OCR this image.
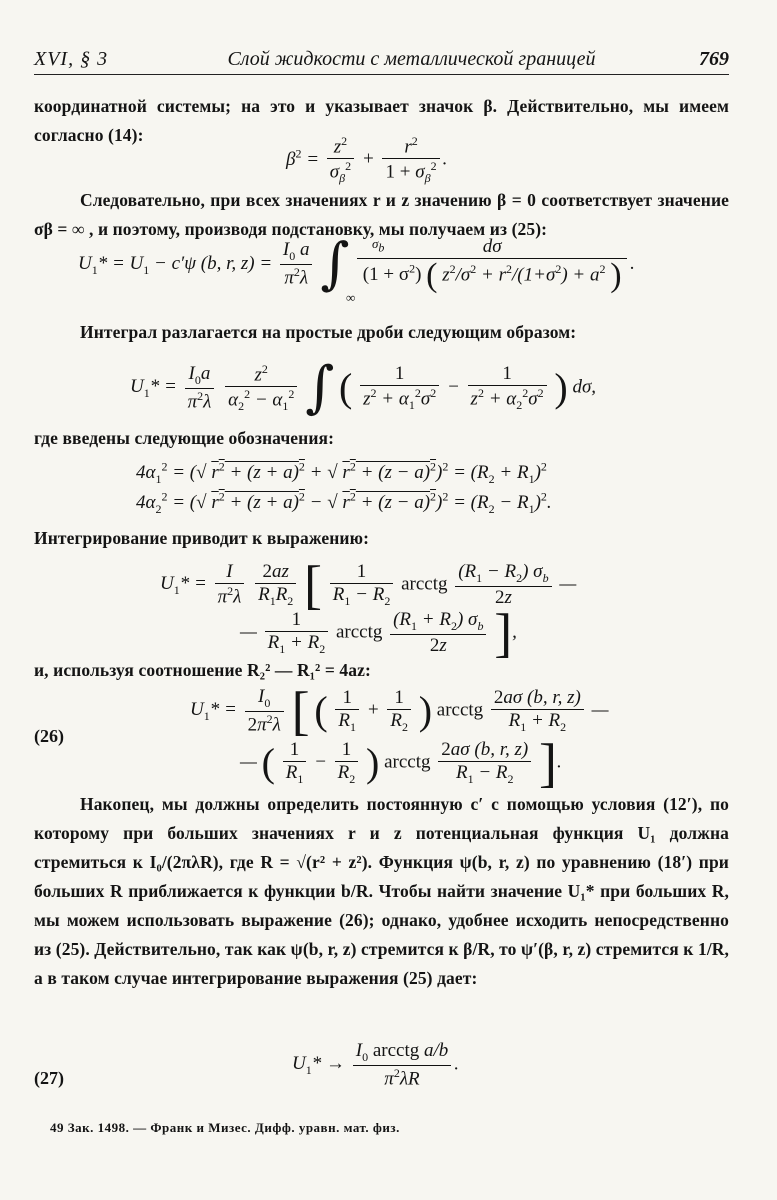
XVI, § 3	Слой жидкости с металлической границей	769
координатной системы; на это и указывает значок β. Действительно, мы имеем согласно (14):
$\beta^2 = \frac{z^2}{\sigma_\beta^2} + \frac{r^2}{1 + \sigma_\beta^2}$ .
Следовательно, при всех значениях r и z значению β = 0 соответствует значение σβ = ∞ , и поэтому, производя подстановку, мы получаем из (25):
$U_1* = U_1 - c'\psi$ (b, r, $z) = \frac{I_0 a}{\pi^2\lambda}$ ∫ $\frac{d\sigma}{(1 + \sigma^2) ( z^2/\sigma^2 + r^2/(1+\sigma^2) + a^2 )}$ .
$\sigma_b$
∞
Интеграл разлагается на простые дроби следующим образом:
$U_1* = \frac{I_0a}{\pi^2\lambda}$
$\frac{z^2}{\alpha_2^2 - \alpha_1^2}$ ∫ ( $\frac{1}{z^2 + \alpha_1^2\sigma^2} - \frac{1}{z^2 + \alpha_2^2\sigma^2}$ ) dσ,
где введены следующие обозначения:
$4\alpha_1^2$ = (√ $r^2 + (z + a)^2$ + √ $r^2 + (z - a)^2)^2 = (R_2 + R_1)^2$
$4\alpha_2^2$ = (√ $r^2 + (z + a)^2$ − √ $r^2 + (z - a)^2)^2 = (R_2 - R_1)^2$.
Интегрирование приводит к выражению:
$U_1* = \frac{I}{\pi^2\lambda}$
$\frac{2az}{R_1R_2}$ [ $\frac{1}{R_1 - R_2}$ arcctg $\frac{(R_1 - R_2) \sigma_b}{2z}$ —
— $\frac{1}{R_1 + R_2}$ arcctg $\frac{(R_1 + R_2) \sigma_b}{2z}$ ],
и, используя соотношение R₂² — R₁² = 4az:
(26)
$U_1* = \frac{I_0}{2\pi^2\lambda}$ [ ( $\frac{1}{R_1} + \frac{1}{R_2}$ ) arcctg $\frac{2a\sigma (b, r, z)}{R_1 + R_2}$ —
— ( $\frac{1}{R_1} - \frac{1}{R_2}$ ) arcctg $\frac{2a\sigma (b, r, z)}{R_1 - R_2}$ ].
Накопец, мы должны определить постоянную c′ с помощью условия (12′), по которому при больших значениях r и z потенциальная функция U₁ должна стремиться к I₀/(2πλR), где R = √(r² + z²). Функция ψ(b, r, z) по уравнению (18′) при больших R приближается к функции b/R. Чтобы найти значение U₁* при больших R, мы можем использовать выражение (26); однако, удобнее исходить непосредственно из (25). Действительно, так как ψ(b, r, z) стремится к β/R, то ψ′(β, r, z) стремится к 1/R, а в таком случае интегрирование выражения (25) дает:
(27)
$U_1* \to \frac{I_0 arcctg a/b}{\pi^2\lambda R}$ .
49 Зак. 1498. — Франк и Мизес. Дифф. уравн. мат. физ.
